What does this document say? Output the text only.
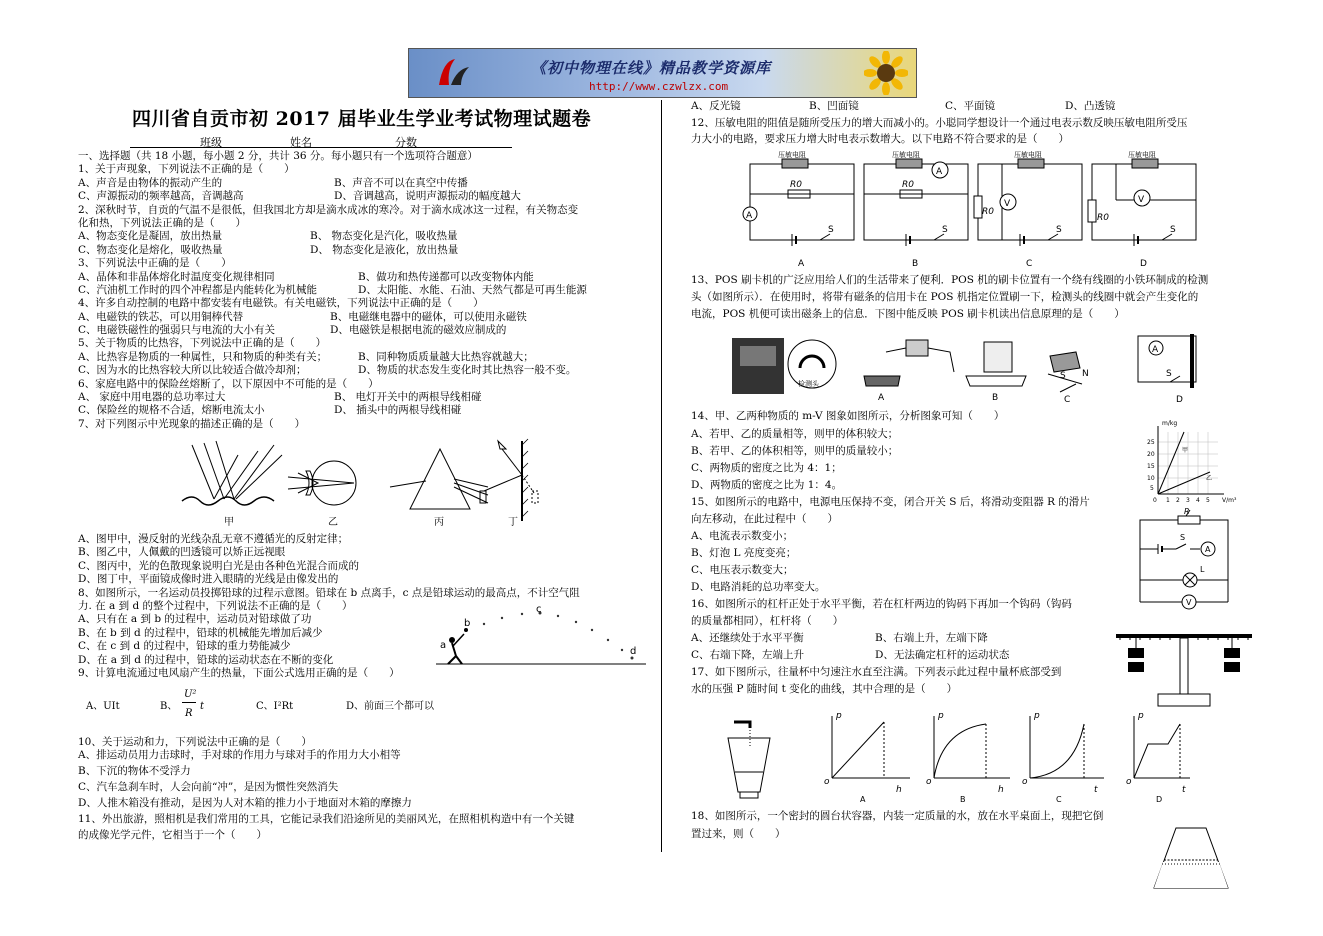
《初中物理在线》精品教学资源库
http://www.czwlzx.com
四川省自贡市初 2017 届毕业生学业考试物理试题卷
班级	姓名	分数
一、选择题（共 18 小题，每小题 2 分，共计 36 分。每小题只有一个选项符合题意）
1、关于声现象，下列说法不正确的是（　　）
A、声音是由物体的振动产生的	B、声音不可以在真空中传播
C、声源振动的频率越高，音调越高	D、音调越高，说明声源振动的幅度越大
2、深秋时节，自贡的气温不是很低，但我国北方却是滴水成冰的寒冷。对于滴水成冰这一过程，有关物态变
化和热，下列说法正确的是（　　）
A、物态变化是凝固，放出热量	B、 物态变化是汽化，吸收热量
C、物态变化是熔化，吸收热量	D、 物态变化是液化，放出热量
3、下列说法中正确的是（　　）
A、晶体和非晶体熔化时温度变化规律相同	B、做功和热传递都可以改变物体内能
C、汽油机工作时的四个冲程都是内能转化为机械能	D、太阳能、水能、石油、天然气都是可再生能源
4、许多自动控制的电路中都安装有电磁铁。有关电磁铁，下列说法中正确的是（　　）
A、电磁铁的铁芯，可以用铜棒代替	B、电磁继电器中的磁体，可以使用永磁铁
C、电磁铁磁性的强弱只与电流的大小有关	D、电磁铁是根据电流的磁效应制成的
5、关于物质的比热容，下列说法中正确的是（　　）
A、比热容是物质的一种属性，只和物质的种类有关；	B、同种物质质量越大比热容就越大；
C、因为水的比热容较大所以比较适合做冷却剂；	D、物质的状态发生变化时其比热容一般不变。
6、家庭电路中的保险丝熔断了，以下原因中不可能的是（　　）
A、 家庭中用电器的总功率过大	B、 电灯开关中的两根导线相碰
C、保险丝的规格不合适，熔断电流太小	D、 插头中的两根导线相碰
7、对下列图示中光现象的描述正确的是（　　）
甲	乙	丙	丁
A、图甲中，漫反射的光线杂乱无章不遵循光的反射定律；
B、图乙中，人佩戴的凹透镜可以矫正远视眼
C、图丙中，光的色散现象说明白光是由各种色光混合而成的
D、图丁中，平面镜成像时进入眼睛的光线是由像发出的
8、如图所示，一名运动员投掷铅球的过程示意图。铅球在 b 点离手，c 点是铅球运动的最高点，不计空气阻
力. 在 a 到 d 的整个过程中，下列说法不正确的是（　　）
A、只有在 a 到 b 的过程中，运动员对铅球做了功
B、在 b 到 d 的过程中，铅球的机械能先增加后减少
C、在 c 到 d 的过程中，铅球的重力势能减少
D、在 a 到 d 的过程中，铅球的运动状态在不断的变化
9、计算电流通过电风扇产生的热量，下面公式选用正确的是（　　）
a
b
c
d
A、UIt	B、
U²
R
t	C、I²Rt	D、前面三个都可以
10、关于运动和力，下列说法中正确的是（　　）
A、排运动员用力击球时，手对球的作用力与球对手的作用力大小相等
B、下沉的物体不受浮力
C、汽车急刹车时，人会向前“冲”，是因为惯性突然消失
D、人推木箱没有推动，是因为人对木箱的推力小于地面对木箱的摩擦力
11、外出旅游，照相机是我们常用的工具，它能记录我们沿途所见的美丽风光，在照相机构造中有一个关键
的成像光学元件，它相当于一个（　　）
A、反光镜	B、凹面镜	C、平面镜	D、凸透镜
12、压敏电阻的阻值是随所受压力的增大而减小的。小聪同学想设计一个通过电表示数反映压敏电阻所受压
力大小的电路，要求压力增大时电表示数增大。以下电路不符合要求的是（　　）
压敏电阻	压敏电阻	压敏电阻	压敏电阻
R0	R0
R0
R0
A
A
V	V
S	S	S	S
A	B	C	D
13、POS 刷卡机的广泛应用给人们的生活带来了便利．POS 机的刷卡位置有一个绕有线圈的小铁环制成的检测
头（如图所示）．在使用时，将带有磁条的信用卡在 POS 机指定位置刷一下，检测头的线圈中就会产生变化的
电流，POS 机便可读出磁条上的信息．下图中能反映 POS 刷卡机读出信息原理的是（　　）
检测头
A	B	C	D
A
S
S N
14、甲、乙两种物质的 m-V 图象如图所示，分析图象可知（　　）
A、若甲、乙的质量相等，则甲的体积较大；
B、若甲、乙的体积相等，则甲的质量较小；
C、两物质的密度之比为 4：1；
D、两物质的密度之比为 1：4。
15、如图所示的电路中，电源电压保持不变，闭合开关 S 后，将滑动变阻器 R 的滑片
向左移动，在此过程中（　　）
A、电流表示数变小；
B、灯泡 L 亮度变亮；
C、电压表示数变大；
D、电路消耗的总功率变大。
16、如图所示的杠杆正处于水平平衡，若在杠杆两边的钩码下再加一个钩码（钩码
的质量都相同），杠杆将（　　）
A、还继续处于水平平衡	B、右端上升，左端下降
C、右端下降，左端上升	D、无法确定杠杆的运动状态
17、如下图所示，往量杯中匀速注水直至注满。下列表示此过程中量杯底部受到
水的压强 P 随时间 t 变化的曲线，其中合理的是（　　）
m/kg
V/m³
甲
乙
25
20
15
10
5
0 1 2 3 4 5
R
S
A
L
V
p
o
h
p
o
h
p
o
t
p
o
t
A	B	C	D
18、如图所示，一个密封的圆台状容器，内装一定质量的水，放在水平桌面上，现把它倒
置过来，则（　　）
